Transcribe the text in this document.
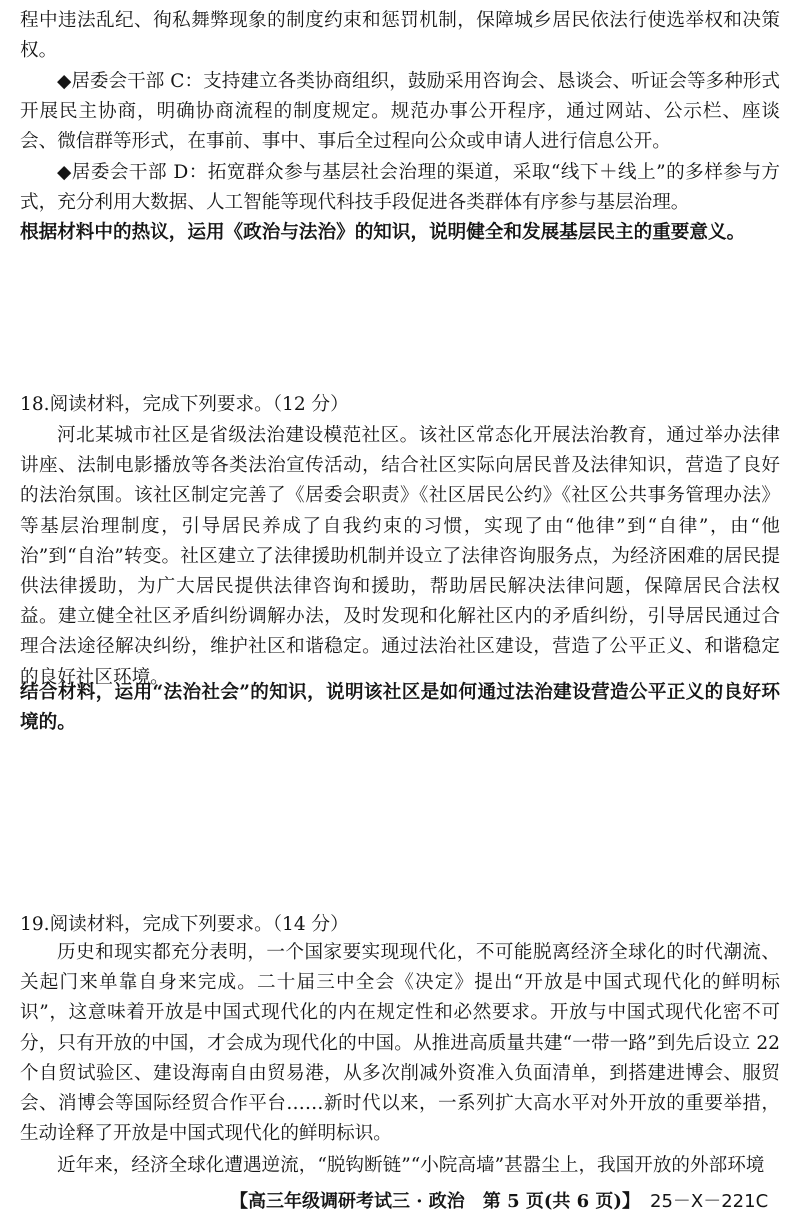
程中违法乱纪、徇私舞弊现象的制度约束和惩罚机制，保障城乡居民依法行使选举权和决策权。

◆居委会干部 C：支持建立各类协商组织，鼓励采用咨询会、恳谈会、听证会等多种形式开展民主协商，明确协商流程的制度规定。规范办事公开程序，通过网站、公示栏、座谈会、微信群等形式，在事前、事中、事后全过程向公众或申请人进行信息公开。

◆居委会干部 D：拓宽群众参与基层社会治理的渠道，采取“线下＋线上”的多样参与方式，充分利用大数据、人工智能等现代科技手段促进各类群体有序参与基层治理。

根据材料中的热议，运用《政治与法治》的知识，说明健全和发展基层民主的重要意义。

18.阅读材料，完成下列要求。（12 分）

河北某城市社区是省级法治建设模范社区。该社区常态化开展法治教育，通过举办法律讲座、法制电影播放等各类法治宣传活动，结合社区实际向居民普及法律知识，营造了良好的法治氛围。该社区制定完善了《居委会职责》《社区居民公约》《社区公共事务管理办法》等基层治理制度，引导居民养成了自我约束的习惯，实现了由“他律”到“自律”，由“他治”到“自治”转变。社区建立了法律援助机制并设立了法律咨询服务点，为经济困难的居民提供法律援助，为广大居民提供法律咨询和援助，帮助居民解决法律问题，保障居民合法权益。建立健全社区矛盾纠纷调解办法，及时发现和化解社区内的矛盾纠纷，引导居民通过合理合法途径解决纠纷，维护社区和谐稳定。通过法治社区建设，营造了公平正义、和谐稳定的良好社区环境。

结合材料，运用“法治社会”的知识，说明该社区是如何通过法治建设营造公平正义的良好环境的。

19.阅读材料，完成下列要求。（14 分）

历史和现实都充分表明，一个国家要实现现代化，不可能脱离经济全球化的时代潮流、关起门来单靠自身来完成。二十届三中全会《决定》提出“开放是中国式现代化的鲜明标识”，这意味着开放是中国式现代化的内在规定性和必然要求。开放与中国式现代化密不可分，只有开放的中国，才会成为现代化的中国。从推进高质量共建“一带一路”到先后设立 22 个自贸试验区、建设海南自由贸易港，从多次削减外资准入负面清单，到搭建进博会、服贸会、消博会等国际经贸合作平台……新时代以来，一系列扩大高水平对外开放的重要举措，生动诠释了开放是中国式现代化的鲜明标识。

近年来，经济全球化遭遇逆流，“脱钩断链”“小院高墙”甚嚣尘上，我国开放的外部环境

【高三年级调研考试三 · 政治　第 5 页(共 6 页)】 25－X－221C
